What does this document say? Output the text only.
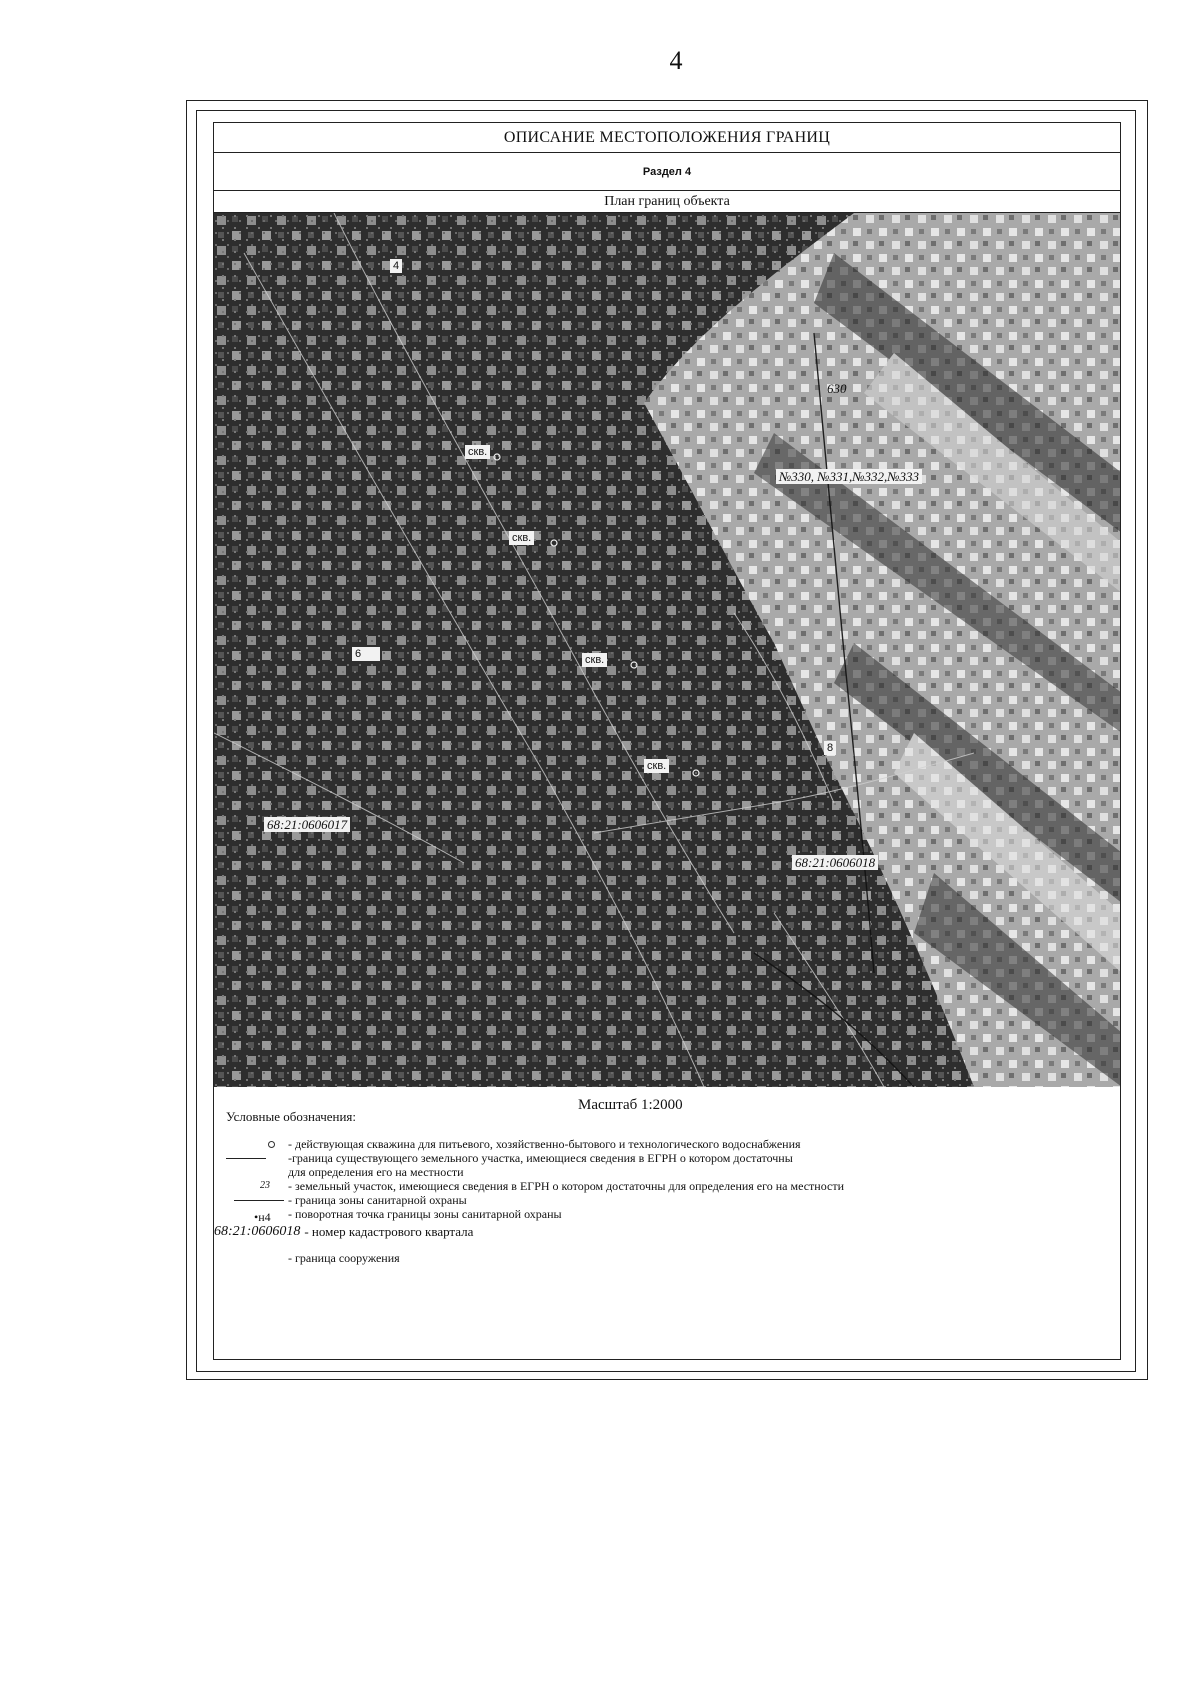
4
ОПИСАНИЕ МЕСТОПОЛОЖЕНИЯ ГРАНИЦ
Раздел 4
План границ объекта
4
630
№330, №331,№332,№333
скв.
скв.
скв.
скв.
6
8
68:21:0606017
68:21:0606018
Масштаб 1:2000
Условные обозначения:
- действующая скважина для питьевого, хозяйственно-бытового и технологического водоснабжения
-граница существующего земельного участка, имеющиеся сведения в ЕГРН о котором достаточны
для определения его на местности
23 - земельный участок, имеющиеся сведения в ЕГРН о котором достаточны для определения его на местности
- граница зоны санитарной охраны
•н4 - поворотная точка границы зоны санитарной охраны
68:21:0606018 - номер кадастрового квартала
- граница сооружения
